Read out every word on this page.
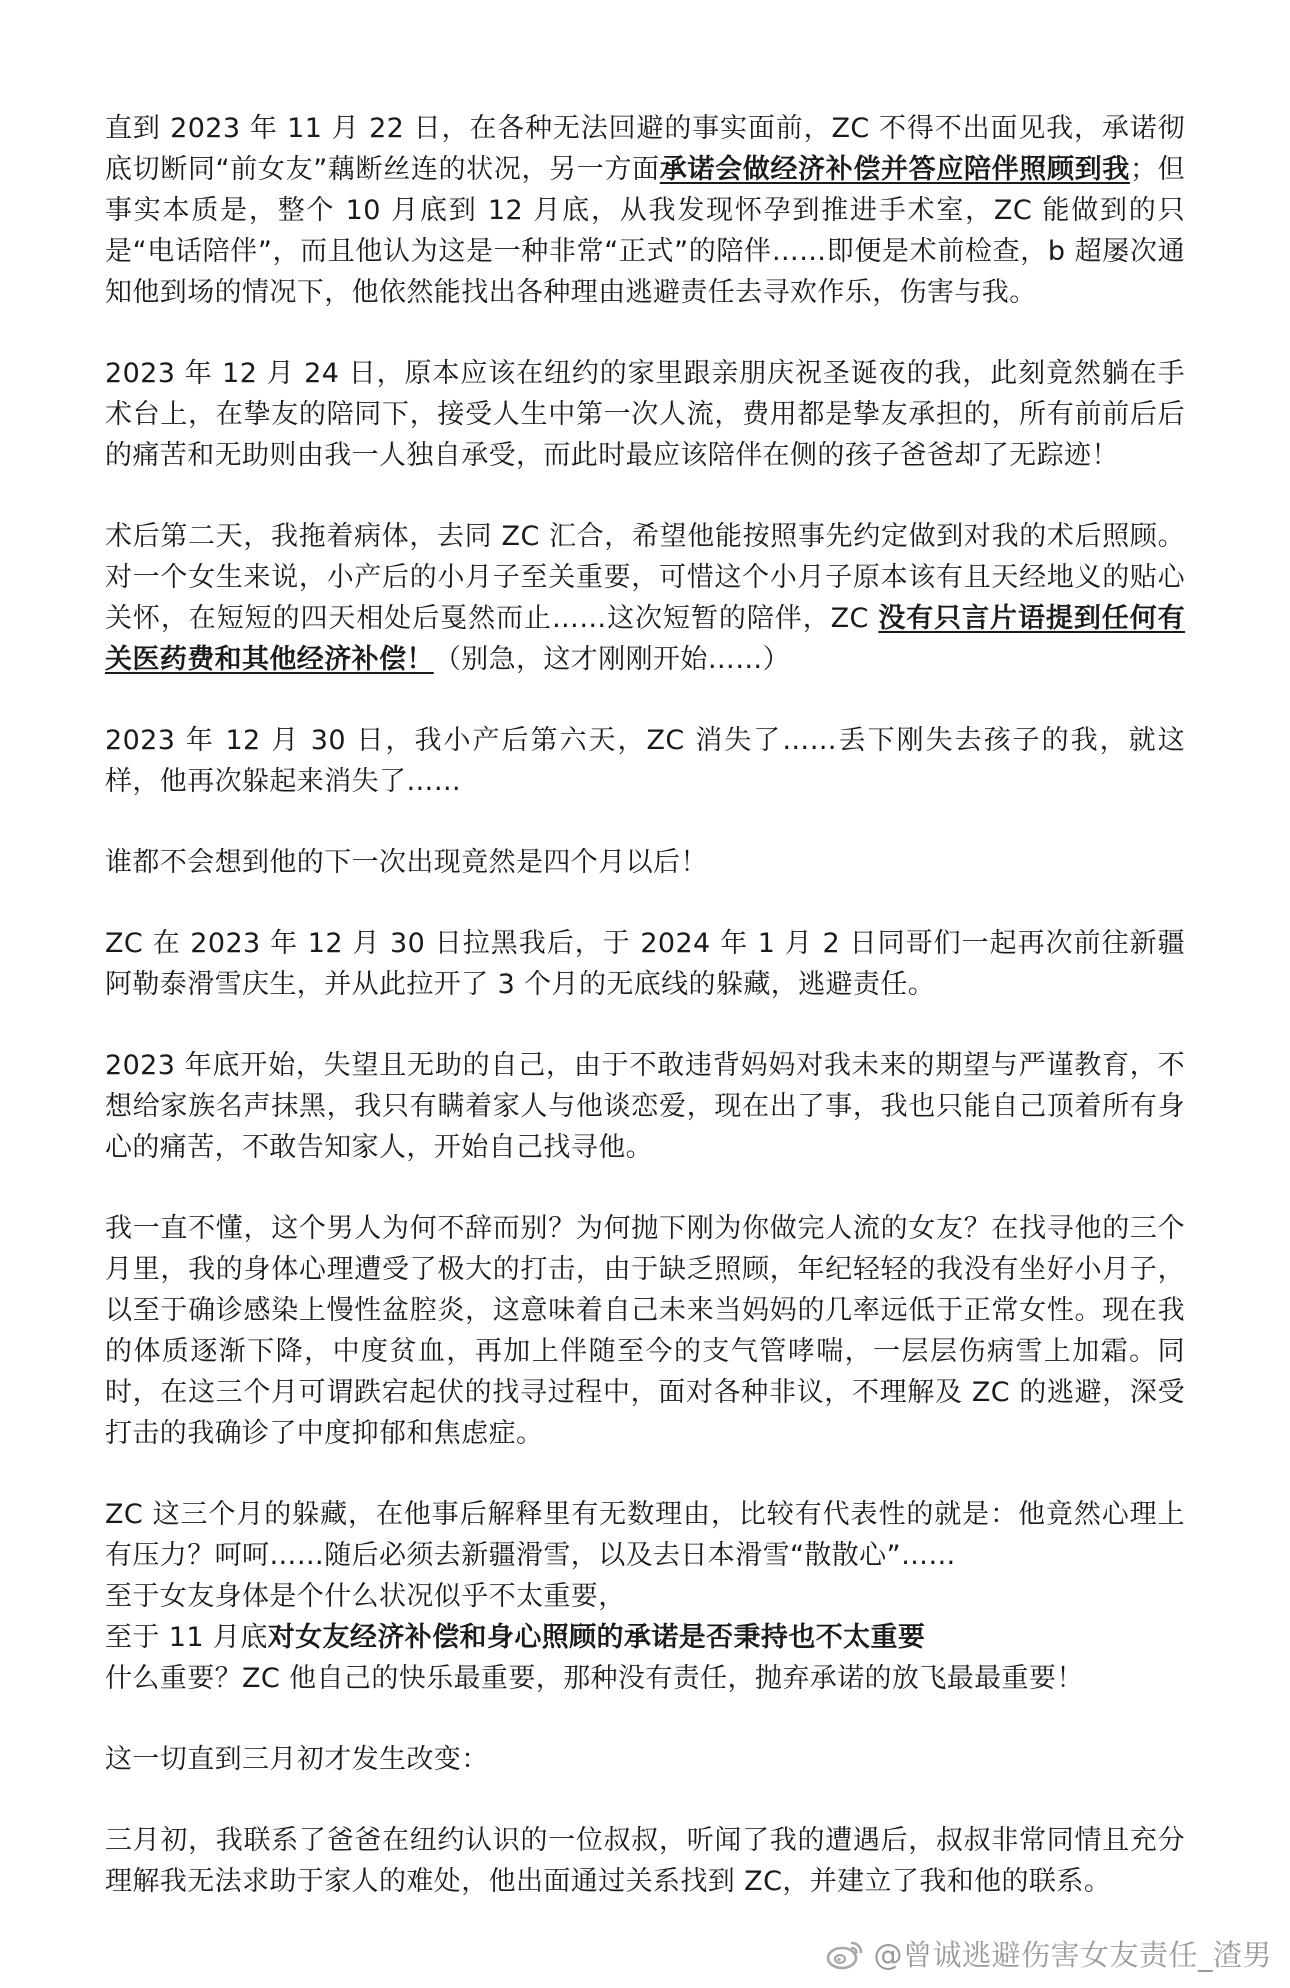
直到 2023 年 11 月 22 日，在各种无法回避的事实面前，ZC 不得不出面见我，承诺彻底切断同“前女友”藕断丝连的状况，另一方面承诺会做经济补偿并答应陪伴照顾到我；但事实本质是，整个 10 月底到 12 月底，从我发现怀孕到推进手术室，ZC 能做到的只是“电话陪伴”，而且他认为这是一种非常“正式”的陪伴……即便是术前检查，b 超屡次通知他到场的情况下，他依然能找出各种理由逃避责任去寻欢作乐，伤害与我。

2023 年 12 月 24 日，原本应该在纽约的家里跟亲朋庆祝圣诞夜的我，此刻竟然躺在手术台上，在挚友的陪同下，接受人生中第一次人流，费用都是挚友承担的，所有前前后后的痛苦和无助则由我一人独自承受，而此时最应该陪伴在侧的孩子爸爸却了无踪迹！

术后第二天，我拖着病体，去同 ZC 汇合，希望他能按照事先约定做到对我的术后照顾。对一个女生来说，小产后的小月子至关重要，可惜这个小月子原本该有且天经地义的贴心关怀，在短短的四天相处后戛然而止……这次短暂的陪伴，ZC 没有只言片语提到任何有关医药费和其他经济补偿！（别急，这才刚刚开始……）

2023 年 12 月 30 日，我小产后第六天，ZC 消失了……丢下刚失去孩子的我，就这样，他再次躲起来消失了……

谁都不会想到他的下一次出现竟然是四个月以后！

ZC 在 2023 年 12 月 30 日拉黑我后，于 2024 年 1 月 2 日同哥们一起再次前往新疆阿勒泰滑雪庆生，并从此拉开了 3 个月的无底线的躲藏，逃避责任。

2023 年底开始，失望且无助的自己，由于不敢违背妈妈对我未来的期望与严谨教育，不想给家族名声抹黑，我只有瞒着家人与他谈恋爱，现在出了事，我也只能自己顶着所有身心的痛苦，不敢告知家人，开始自己找寻他。

我一直不懂，这个男人为何不辞而别？为何抛下刚为你做完人流的女友？在找寻他的三个月里，我的身体心理遭受了极大的打击，由于缺乏照顾，年纪轻轻的我没有坐好小月子，以至于确诊感染上慢性盆腔炎，这意味着自己未来当妈妈的几率远低于正常女性。现在我的体质逐渐下降，中度贫血，再加上伴随至今的支气管哮喘，一层层伤病雪上加霜。同时，在这三个月可谓跌宕起伏的找寻过程中，面对各种非议，不理解及 ZC 的逃避，深受打击的我确诊了中度抑郁和焦虑症。

ZC 这三个月的躲藏，在他事后解释里有无数理由，比较有代表性的就是：他竟然心理上有压力？呵呵……随后必须去新疆滑雪，以及去日本滑雪“散散心”……
至于女友身体是个什么状况似乎不太重要，
至于 11 月底对女友经济补偿和身心照顾的承诺是否秉持也不太重要
什么重要？ZC 他自己的快乐最重要，那种没有责任，抛弃承诺的放飞最最重要！

这一切直到三月初才发生改变：

三月初，我联系了爸爸在纽约认识的一位叔叔，听闻了我的遭遇后，叔叔非常同情且充分理解我无法求助于家人的难处，他出面通过关系找到 ZC，并建立了我和他的联系。

@曾诚逃避伤害女友责任_渣男
